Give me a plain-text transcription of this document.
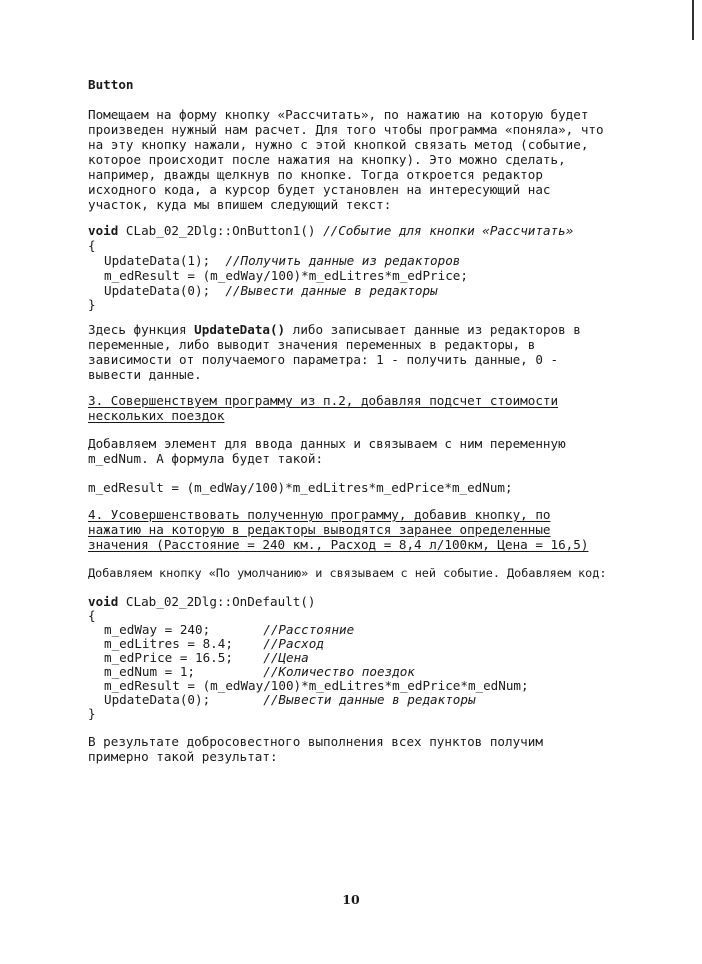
Button
Помещаем на форму кнопку «Рассчитать», по нажатию на которую будет
произведен нужный нам расчет. Для того чтобы программа «поняла», что
на эту кнопку нажали, нужно с этой кнопкой связать метод (событие,
которое происходит после нажатия на кнопку). Это можно сделать,
например, дважды щелкнув по кнопке. Тогда откроется редактор
исходного кода, а курсор будет установлен на интересующий нас
участок, куда мы впишем следующий текст:
void CLab_02_2Dlg::OnButton1() //Событие для кнопки «Рассчитать»
{
UpdateData(1);  //Получить данные из редакторов
m_edResult = (m_edWay/100)*m_edLitres*m_edPrice;
UpdateData(0);  //Вывести данные в редакторы
}
Здесь функция UpdateData() либо записывает данные из редакторов в
переменные, либо выводит значения переменных в редакторы, в
зависимости от получаемого параметра: 1 - получить данные, 0 -
вывести данные.
3. Совершенствуем программу из п.2, добавляя подсчет стоимости
нескольких поездок
Добавляем элемент для ввода данных и связываем с ним переменную
m_edNum. А формула будет такой:
m_edResult = (m_edWay/100)*m_edLitres*m_edPrice*m_edNum;
4. Усовершенствовать полученную программу, добавив кнопку, по
нажатию на которую в редакторы выводятся заранее определенные
значения (Расстояние = 240 км., Расход = 8,4 л/100км, Цена = 16,5)
Добавляем кнопку «По умолчанию» и связываем с ней событие. Добавляем код:
void CLab_02_2Dlg::OnDefault()
{
m_edWay = 240;       //Расстояние
m_edLitres = 8.4;    //Расход
m_edPrice = 16.5;    //Цена
m_edNum = 1;         //Количество поездок
m_edResult = (m_edWay/100)*m_edLitres*m_edPrice*m_edNum;
UpdateData(0);       //Вывести данные в редакторы
}
В результате добросовестного выполнения всех пунктов получим
примерно такой результат:
10
